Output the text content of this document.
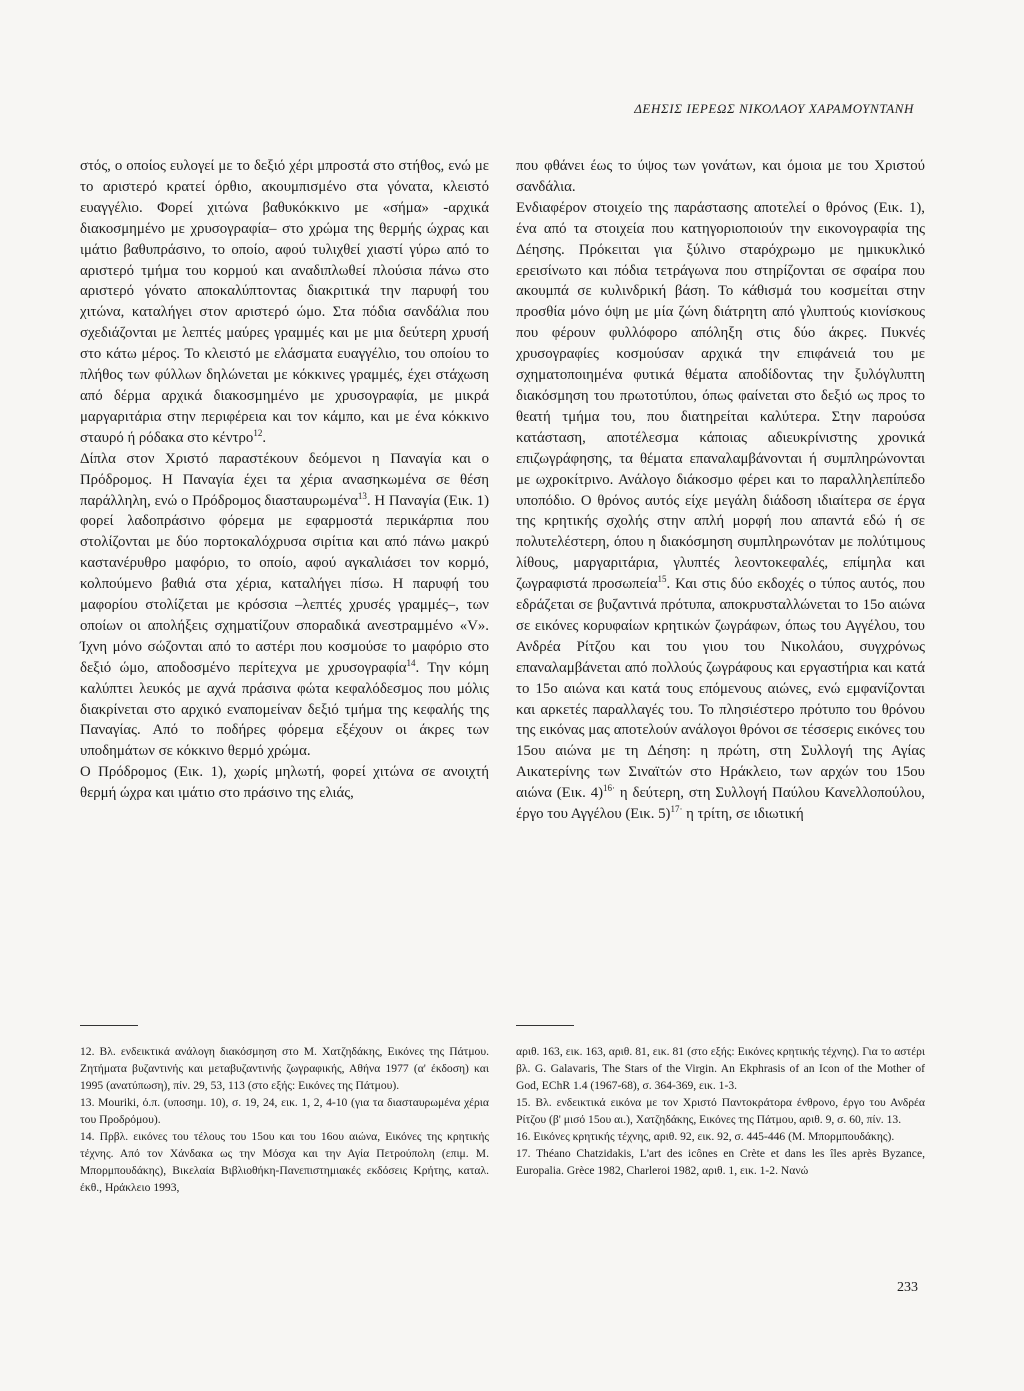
ΔΕΗΣΙΣ ΙΕΡΕΩΣ ΝΙΚΟΛΑΟΥ ΧΑΡΑΜΟΥΝΤΑΝΗ

στός, ο οποίος ευλογεί με το δεξιό χέρι μπροστά στο στήθος, ενώ με το αριστερό κρατεί όρθιο, ακουμπισμένο στα γόνατα, κλειστό ευαγγέλιο. Φορεί χιτώνα βαθυκόκκινο με «σήμα» -αρχικά διακοσμημένο με χρυσογραφία– στο χρώμα της θερμής ώχρας και ιμάτιο βαθυπράσινο, το οποίο, αφού τυλιχθεί χιαστί γύρω από το αριστερό τμήμα του κορμού και αναδιπλωθεί πλούσια πάνω στο αριστερό γόνατο αποκαλύπτοντας διακριτικά την παρυφή του χιτώνα, καταλήγει στον αριστερό ώμο. Στα πόδια σανδάλια που σχεδιάζονται με λεπτές μαύρες γραμμές και με μια δεύτερη χρυσή στο κάτω μέρος. Το κλειστό με ελάσματα ευαγγέλιο, του οποίου το πλήθος των φύλλων δηλώνεται με κόκκινες γραμμές, έχει στάχωση από δέρμα αρχικά διακοσμημένο με χρυσογραφία, με μικρά μαργαριτάρια στην περιφέρεια και τον κάμπο, και με ένα κόκκινο σταυρό ή ρόδακα στο κέντρο$^{12}$.

Δίπλα στον Χριστό παραστέκουν δεόμενοι η Παναγία και ο Πρόδρομος. Η Παναγία έχει τα χέρια ανασηκωμένα σε θέση παράλληλη, ενώ ο Πρόδρομος διασταυρωμένα$^{13}$. Η Παναγία (Εικ. 1) φορεί λαδοπράσινο φόρεμα με εφαρμοστά περικάρπια που στολίζονται με δύο πορτοκαλόχρυσα σιρίτια και από πάνω μακρύ καστανέρυθρο μαφόριο, το οποίο, αφού αγκαλιάσει τον κορμό, κολπούμενο βαθιά στα χέρια, καταλήγει πίσω. Η παρυφή του μαφορίου στολίζεται με κρόσσια –λεπτές χρυσές γραμμές–, των οποίων οι απολήξεις σχηματίζουν σποραδικά ανεστραμμένο «V». Ίχνη μόνο σώζονται από το αστέρι που κοσμούσε το μαφόριο στο δεξιό ώμο, αποδοσμένο περίτεχνα με χρυσογραφία$^{14}$. Την κόμη καλύπτει λευκός με αχνά πράσινα φώτα κεφαλόδεσμος που μόλις διακρίνεται στο αρχικό εναπομείναν δεξιό τμήμα της κεφαλής της Παναγίας. Από το ποδήρες φόρεμα εξέχουν οι άκρες των υποδημάτων σε κόκκινο θερμό χρώμα.

Ο Πρόδρομος (Εικ. 1), χωρίς μηλωτή, φορεί χιτώνα σε ανοιχτή θερμή ώχρα και ιμάτιο στο πράσινο της ελιάς,

που φθάνει έως το ύψος των γονάτων, και όμοια με του Χριστού σανδάλια.

Ενδιαφέρον στοιχείο της παράστασης αποτελεί ο θρόνος (Εικ. 1), ένα από τα στοιχεία που κατηγοριοποιούν την εικονογραφία της Δέησης. Πρόκειται για ξύλινο σταρόχρωμο με ημικυκλικό ερεισίνωτο και πόδια τετράγωνα που στηρίζονται σε σφαίρα που ακουμπά σε κυλινδρική βάση. Το κάθισμά του κοσμείται στην προσθία μόνο όψη με μία ζώνη διάτρητη από γλυπτούς κιονίσκους που φέρουν φυλλόφορο απόληξη στις δύο άκρες. Πυκνές χρυσογραφίες κοσμούσαν αρχικά την επιφάνειά του με σχηματοποιημένα φυτικά θέματα αποδίδοντας την ξυλόγλυπτη διακόσμηση του πρωτοτύπου, όπως φαίνεται στο δεξιό ως προς το θεατή τμήμα του, που διατηρείται καλύτερα. Στην παρούσα κατάσταση, αποτέλεσμα κάποιας αδιευκρίνιστης χρονικά επιζωγράφησης, τα θέματα επαναλαμβάνονται ή συμπληρώνονται με ωχροκίτρινο. Ανάλογο διάκοσμο φέρει και το παραλληλεπίπεδο υποπόδιο. Ο θρόνος αυτός είχε μεγάλη διάδοση ιδιαίτερα σε έργα της κρητικής σχολής στην απλή μορφή που απαντά εδώ ή σε πολυτελέστερη, όπου η διακόσμηση συμπληρωνόταν με πολύτιμους λίθους, μαργαριτάρια, γλυπτές λεοντοκεφαλές, επίμηλα και ζωγραφιστά προσωπεία$^{15}$. Και στις δύο εκδοχές ο τύπος αυτός, που εδράζεται σε βυζαντινά πρότυπα, αποκρυσταλλώνεται το 15ο αιώνα σε εικόνες κορυφαίων κρητικών ζωγράφων, όπως του Αγγέλου, του Ανδρέα Ρίτζου και του γιου του Νικολάου, συγχρόνως επαναλαμβάνεται από πολλούς ζωγράφους και εργαστήρια και κατά το 15ο αιώνα και κατά τους επόμενους αιώνες, ενώ εμφανίζονται και αρκετές παραλλαγές του. Το πλησιέστερο πρότυπο του θρόνου της εικόνας μας αποτελούν ανάλογοι θρόνοι σε τέσσερις εικόνες του 15ου αιώνα με τη Δέηση: η πρώτη, στη Συλλογή της Αγίας Αικατερίνης των Σιναϊτών στο Ηράκλειο, των αρχών του 15ου αιώνα (Εικ. 4)$^{16\cdot}$ η δεύτερη, στη Συλλογή Παύλου Κανελλοπούλου, έργο του Αγγέλου (Εικ. 5)$^{17\cdot}$ η τρίτη, σε ιδιωτική

12. Βλ. ενδεικτικά ανάλογη διακόσμηση στο Μ. Χατζηδάκης, Εικόνες της Πάτμου. Ζητήματα βυζαντινής και μεταβυζαντινής ζωγραφικής, Αθήνα 1977 (α' έκδοση) και 1995 (ανατύπωση), πίν. 29, 53, 113 (στο εξής: Εικόνες της Πάτμου).

13. Mouriki, ό.π. (υποσημ. 10), σ. 19, 24, εικ. 1, 2, 4-10 (για τα διασταυρωμένα χέρια του Προδρόμου).

14. Πρβλ. εικόνες του τέλους του 15ου και του 16ου αιώνα, Εικόνες της κρητικής τέχνης. Από τον Χάνδακα ως την Μόσχα και την Αγία Πετρούπολη (επιμ. Μ. Μπορμπουδάκης), Βικελαία Βιβλιοθήκη-Πανεπιστημιακές εκδόσεις Κρήτης, καταλ. έκθ., Ηράκλειο 1993,

αριθ. 163, εικ. 163, αριθ. 81, εικ. 81 (στο εξής: Εικόνες κρητικής τέχνης). Για το αστέρι βλ. G. Galavaris, The Stars of the Virgin. An Ekphrasis of an Icon of the Mother of God, EChR 1.4 (1967-68), σ. 364-369, εικ. 1-3.

15. Βλ. ενδεικτικά εικόνα με τον Χριστό Παντοκράτορα ένθρονο, έργο του Ανδρέα Ρίτζου (β' μισό 15ου αι.), Χατζηδάκης, Εικόνες της Πάτμου, αριθ. 9, σ. 60, πίν. 13.

16. Εικόνες κρητικής τέχνης, αριθ. 92, εικ. 92, σ. 445-446 (Μ. Μπορμπουδάκης).

17. Théano Chatzidakis, L'art des icônes en Crète et dans les îles après Byzance, Europalia. Grèce 1982, Charleroi 1982, αριθ. 1, εικ. 1-2. Νανώ

233
